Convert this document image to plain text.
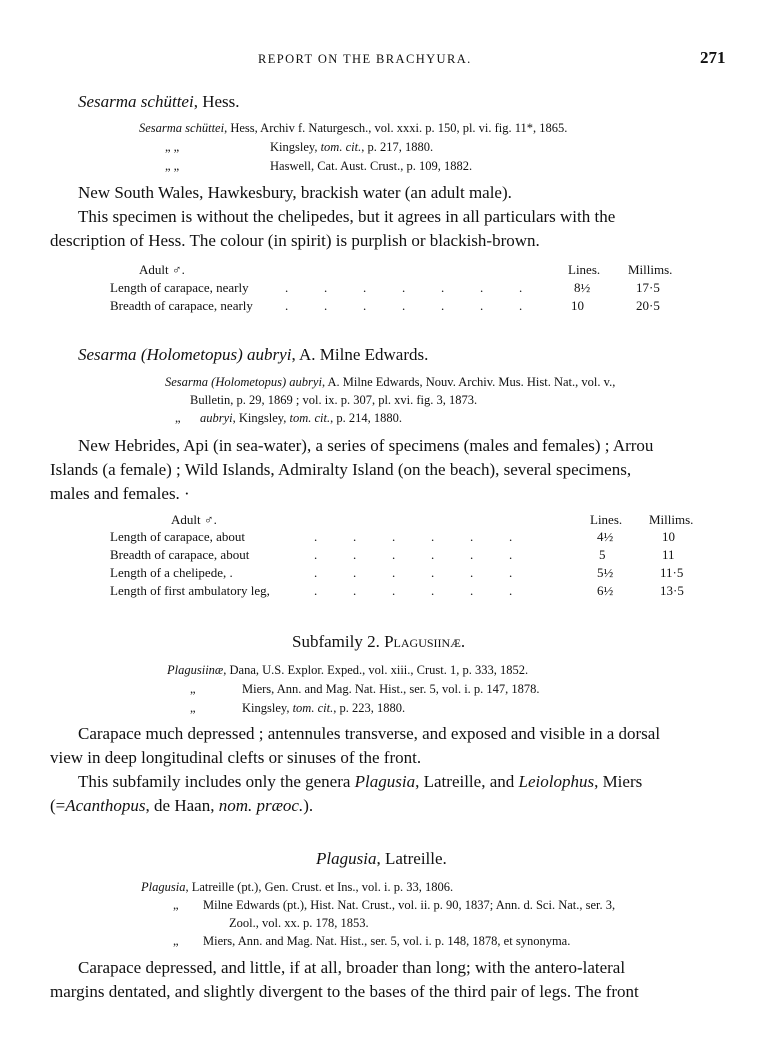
REPORT ON THE BRACHYURA.	271
Sesarma schüttei, Hess.
Sesarma schüttei, Hess, Archiv f. Naturgesch., vol. xxxi. p. 150, pl. vi. fig. 11*, 1865.
„ „	Kingsley, tom. cit., p. 217, 1880.
„ „	Haswell, Cat. Aust. Crust., p. 109, 1882.
New South Wales, Hawkesbury, brackish water (an adult male).
This specimen is without the chelipedes, but it agrees in all particulars with the
description of Hess. The colour (in spirit) is purplish or blackish-brown.
Adult ♂.	Lines. Millims.
Length of carapace, nearly	.           .           .           .           .           .           .	8½	17·5
Breadth of carapace, nearly .           .           .           .           .           .           .	10	20·5
Sesarma (Holometopus) aubryi, A. Milne Edwards.
Sesarma (Holometopus) aubryi, A. Milne Edwards, Nouv. Archiv. Mus. Hist. Nat., vol. v.,
Bulletin, p. 29, 1869 ; vol. ix. p. 307, pl. xvi. fig. 3, 1873.
„ aubryi, Kingsley, tom. cit., p. 214, 1880.
New Hebrides, Api (in sea-water), a series of specimens (males and females) ; Arrou
Islands (a female) ; Wild Islands, Admiralty Island (on the beach), several specimens,
males and females. ·
Adult ♂.	Lines. Millims.
Length of carapace, about	.           .           .           .           .           .	4½	10
Breadth of carapace, about	.           .           .           .           .           .	5	11
Length of a chelipede, .	.           .           .           .           .           .	5½	11·5
Length of first ambulatory leg,	.           .           .           .           .           .	6½	13·5
Subfamily 2. Plagusiinæ.
Plagusiinæ, Dana, U.S. Explor. Exped., vol. xiii., Crust. 1, p. 333, 1852.
„	Miers, Ann. and Mag. Nat. Hist., ser. 5, vol. i. p. 147, 1878.
„	Kingsley, tom. cit., p. 223, 1880.
Carapace much depressed ; antennules transverse, and exposed and visible in a dorsal
view in deep longitudinal clefts or sinuses of the front.
This subfamily includes only the genera Plagusia, Latreille, and Leiolophus, Miers
(=Acanthopus, de Haan, nom. præoc.).
Plagusia, Latreille.
Plagusia, Latreille (pt.), Gen. Crust. et Ins., vol. i. p. 33, 1806.
„ Milne Edwards (pt.), Hist. Nat. Crust., vol. ii. p. 90, 1837; Ann. d. Sci. Nat., ser. 3,
Zool., vol. xx. p. 178, 1853.
„ Miers, Ann. and Mag. Nat. Hist., ser. 5, vol. i. p. 148, 1878, et synonyma.
Carapace depressed, and little, if at all, broader than long; with the antero-lateral
margins dentated, and slightly divergent to the bases of the third pair of legs. The front
